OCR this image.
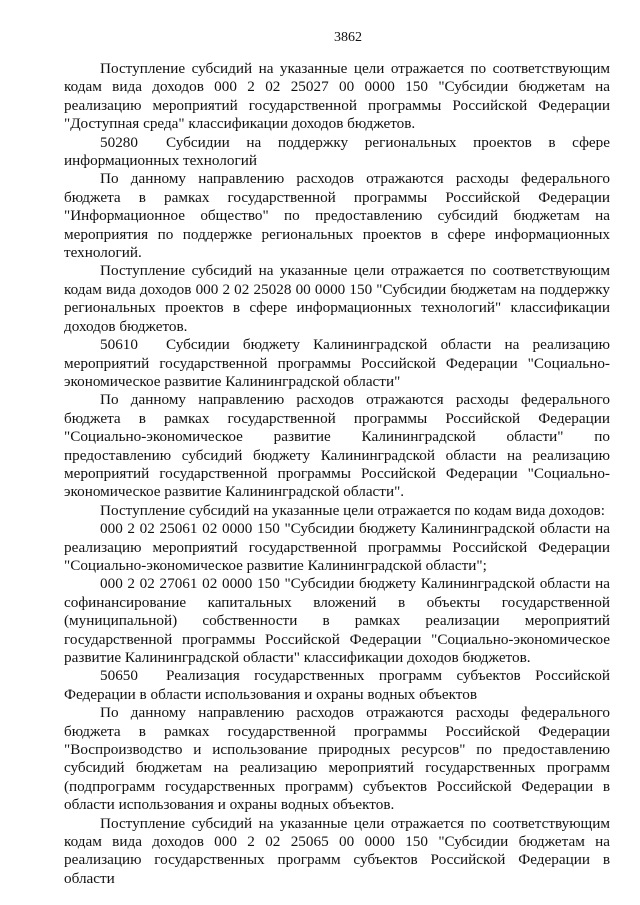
3862

Поступление субсидий на указанные цели отражается по соответствующим кодам вида доходов 000 2 02 25027 00 0000 150 "Субсидии бюджетам на реализацию мероприятий государственной программы Российской Федерации "Доступная среда" классификации доходов бюджетов.

50280 Субсидии на поддержку региональных проектов в сфере информационных технологий

По данному направлению расходов отражаются расходы федерального бюджета в рамках государственной программы Российской Федерации "Информационное общество" по предоставлению субсидий бюджетам на мероприятия по поддержке региональных проектов в сфере информационных технологий.

Поступление субсидий на указанные цели отражается по соответствующим кодам вида доходов 000 2 02 25028 00 0000 150 "Субсидии бюджетам на поддержку региональных проектов в сфере информационных технологий" классификации доходов бюджетов.

50610 Субсидии бюджету Калининградской области на реализацию мероприятий государственной программы Российской Федерации "Социально-экономическое развитие Калининградской области"

По данному направлению расходов отражаются расходы федерального бюджета в рамках государственной программы Российской Федерации "Социально-экономическое развитие Калининградской области" по предоставлению субсидий бюджету Калининградской области на реализацию мероприятий государственной программы Российской Федерации "Социально-экономическое развитие Калининградской области".

Поступление субсидий на указанные цели отражается по кодам вида доходов:

000 2 02 25061 02 0000 150 "Субсидии бюджету Калининградской области на реализацию мероприятий государственной программы Российской Федерации "Социально-экономическое развитие Калининградской области";

000 2 02 27061 02 0000 150 "Субсидии бюджету Калининградской области на софинансирование капитальных вложений в объекты государственной (муниципальной) собственности в рамках реализации мероприятий государственной программы Российской Федерации "Социально-экономическое развитие Калининградской области" классификации доходов бюджетов.

50650 Реализация государственных программ субъектов Российской Федерации в области использования и охраны водных объектов

По данному направлению расходов отражаются расходы федерального бюджета в рамках государственной программы Российской Федерации "Воспроизводство и использование природных ресурсов" по предоставлению субсидий бюджетам на реализацию мероприятий государственных программ (подпрограмм государственных программ) субъектов Российской Федерации в области использования и охраны водных объектов.

Поступление субсидий на указанные цели отражается по соответствующим кодам вида доходов 000 2 02 25065 00 0000 150 "Субсидии бюджетам на реализацию государственных программ субъектов Российской Федерации в области
